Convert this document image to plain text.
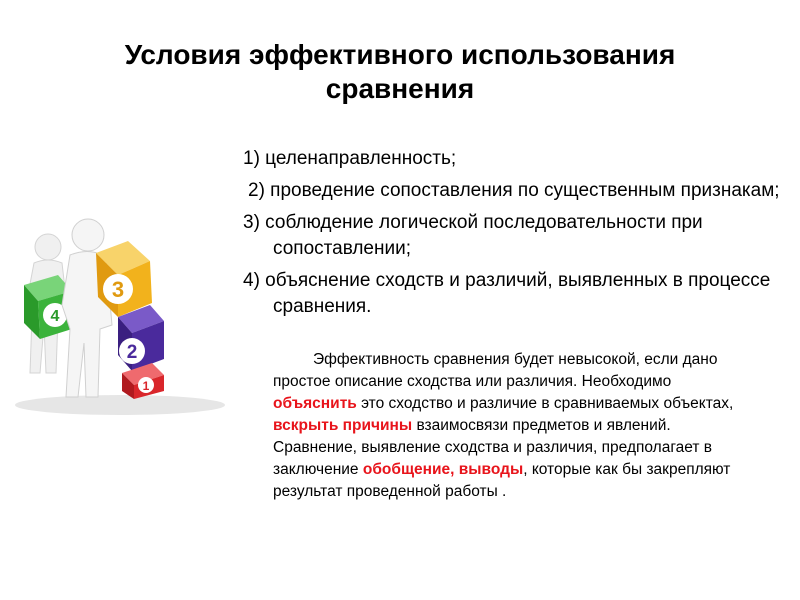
Условия эффективного использования сравнения
4
3
2
1
1) целенаправленность;
2) проведение сопоставления по существенным признакам;
3) соблюдение логической последовательности при сопоставлении;
4) объяснение сходств и различий, выявленных в процессе сравнения.
Эффективность сравнения будет невысокой, если дано простое описание сходства или различия. Необходимо объяснить это сходство и различие в сравниваемых объектах, вскрыть причины взаимосвязи предметов и явлений. Сравнение, выявление сходства и различия, предполагает в заключение обобщение, выводы, которые как бы закрепляют результат проведенной работы .
